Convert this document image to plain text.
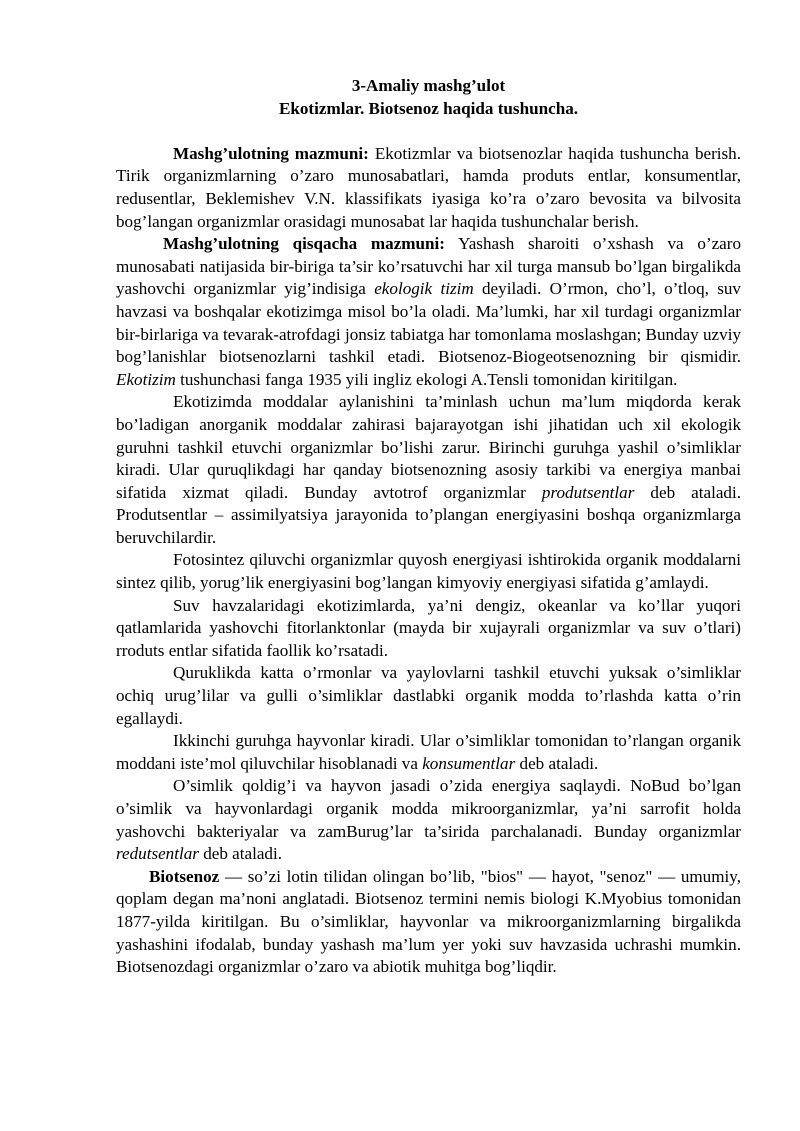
3-Amaliy mashg’ulot

Ekotizmlar. Biotsenoz haqida tushuncha.

Mashg’ulotning mazmuni: Ekotizmlar va biotsenozlar haqida tushuncha berish. Tirik organizmlarning o’zaro munosabatlari, hamda produts entlar, konsumentlar, redusentlar, Beklemishev V.N. klassifikats iyasiga ko’ra o’zaro bevosita va bilvosita bog’langan organizmlar orasidagi munosabat lar haqida tushunchalar berish.

Mashg’ulotning qisqacha mazmuni: Yashash sharoiti o’xshash va o’zaro munosabati natijasida bir-biriga ta’sir ko’rsatuvchi har xil turga mansub bo’lgan birgalikda yashovchi organizmlar yig’indisiga ekologik tizim deyiladi. O’rmon, cho’l, o’tloq, suv havzasi va boshqalar ekotizimga misol bo’la oladi. Ma’lumki, har xil turdagi organizmlar bir-birlariga va tevarak-atrofdagi jonsiz tabiatga har tomonlama moslashgan; Bunday uzviy bog’lanishlar biotsenozlarni tashkil etadi. Biotsenoz-Biogeotsenozning bir qismidir. Ekotizim tushunchasi fanga 1935 yili ingliz ekologi A.Tensli tomonidan kiritilgan.

Ekotizimda moddalar aylanishini ta’minlash uchun ma’lum miqdorda kerak bo’ladigan anorganik moddalar zahirasi bajarayotgan ishi jihatidan uch xil ekologik guruhni tashkil etuvchi organizmlar bo’lishi zarur. Birinchi guruhga yashil o’simliklar kiradi. Ular quruqlikdagi har qanday biotsenozning asosiy tarkibi va energiya manbai sifatida xizmat qiladi. Bunday avtotrof organizmlar produtsentlar deb ataladi. Produtsentlar – assimilyatsiya jarayonida to’plangan energiyasini boshqa organizmlarga beruvchilardir.

Fotosintez qiluvchi organizmlar quyosh energiyasi ishtirokida organik moddalarni sintez qilib, yorug’lik energiyasini bog’langan kimyoviy energiyasi sifatida g’amlaydi.

Suv havzalaridagi ekotizimlarda, ya’ni dengiz, okeanlar va ko’llar yuqori qatlamlarida yashovchi fitorlanktonlar (mayda bir xujayrali organizmlar va suv o’tlari) rroduts entlar sifatida faollik ko’rsatadi.

Quruklikda katta o’rmonlar va yaylovlarni tashkil etuvchi yuksak o’simliklar ochiq urug’lilar va gulli o’simliklar dastlabki organik modda to’rlashda katta o’rin egallaydi.

Ikkinchi guruhga hayvonlar kiradi. Ular o’simliklar tomonidan to’rlangan organik moddani iste’mol qiluvchilar hisoblanadi va konsumentlar deb ataladi.

O’simlik qoldig’i va hayvon jasadi o’zida energiya saqlaydi. NoBud bo’lgan o’simlik va hayvonlardagi organik modda mikroorganizmlar, ya’ni sarrofit holda yashovchi bakteriyalar va zamBurug’lar ta’sirida parchalanadi. Bunday organizmlar redutsentlar deb ataladi.

Biotsenoz — so’zi lotin tilidan olingan bo’lib, "bios" — hayot, "senoz" — umumiy, qoplam degan ma’noni anglatadi. Biotsenoz termini nemis biologi K.Myobius tomonidan 1877-yilda kiritilgan. Bu o’simliklar, hayvonlar va mikroorganizmlarning birgalikda yashashini ifodalab, bunday yashash ma’lum yer yoki suv havzasida uchrashi mumkin. Biotsenozdagi organizmlar o’zaro va abiotik muhitga bog’liqdir.
